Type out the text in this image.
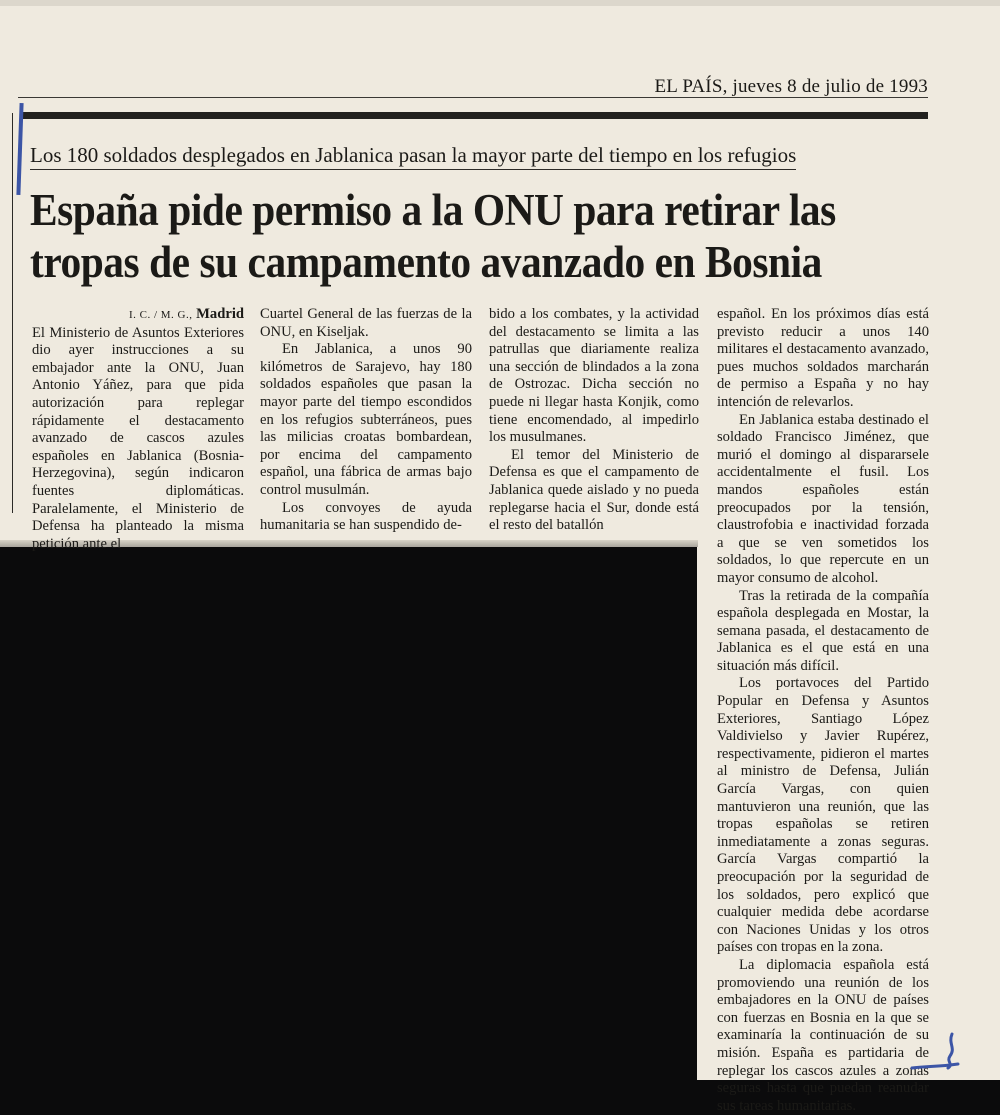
EL PAÍS, jueves 8 de julio de 1993
Los 180 soldados desplegados en Jablanica pasan la mayor parte del tiempo en los refugios
España pide permiso a la ONU para retirar las tropas de su campamento avanzado en Bosnia

I. C. / M. G., Madrid

El Ministerio de Asuntos Exteriores dio ayer instrucciones a su embajador ante la ONU, Juan Antonio Yáñez, para que pida autorización para replegar rápidamente el destacamento avanzado de cascos azules españoles en Jablanica (Bosnia-Herzegovina), según indicaron fuentes diplomáticas. Paralelamente, el Ministerio de Defensa ha planteado la misma petición ante el

Cuartel General de las fuerzas de la ONU, en Kiseljak.

En Jablanica, a unos 90 kilómetros de Sarajevo, hay 180 soldados españoles que pasan la mayor parte del tiempo escondidos en los refugios subterráneos, pues las milicias croatas bombardean, por encima del campamento español, una fábrica de armas bajo control musulmán.

Los convoyes de ayuda humanitaria se han suspendido de-

bido a los combates, y la actividad del destacamento se limita a las patrullas que diariamente realiza una sección de blindados a la zona de Ostrozac. Dicha sección no puede ni llegar hasta Konjik, como tiene encomendado, al impedirlo los musulmanes.

El temor del Ministerio de Defensa es que el campamento de Jablanica quede aislado y no pueda replegarse hacia el Sur, donde está el resto del batallón

español. En los próximos días está previsto reducir a unos 140 militares el destacamento avanzado, pues muchos soldados marcharán de permiso a España y no hay intención de relevarlos.

En Jablanica estaba destinado el soldado Francisco Jiménez, que murió el domingo al dispararsele accidentalmente el fusil. Los mandos españoles están preocupados por la tensión, claustrofobia e inactividad forzada a que se ven sometidos los soldados, lo que repercute en un mayor consumo de alcohol.

Tras la retirada de la compañía española desplegada en Mostar, la semana pasada, el destacamento de Jablanica es el que está en una situación más difícil.

Los portavoces del Partido Popular en Defensa y Asuntos Exteriores, Santiago López Valdivielso y Javier Rupérez, respectivamente, pidieron el martes al ministro de Defensa, Julián García Vargas, con quien mantuvieron una reunión, que las tropas españolas se retiren inmediatamente a zonas seguras. García Vargas compartió la preocupación por la seguridad de los soldados, pero explicó que cualquier medida debe acordarse con Naciones Unidas y los otros países con tropas en la zona.

La diplomacia española está promoviendo una reunión de los embajadores en la ONU de países con fuerzas en Bosnia en la que se examinaría la continuación de su misión. España es partidaria de replegar los cascos azules a zonas seguras hasta que puedan reanudar sus tareas humanitarias.
